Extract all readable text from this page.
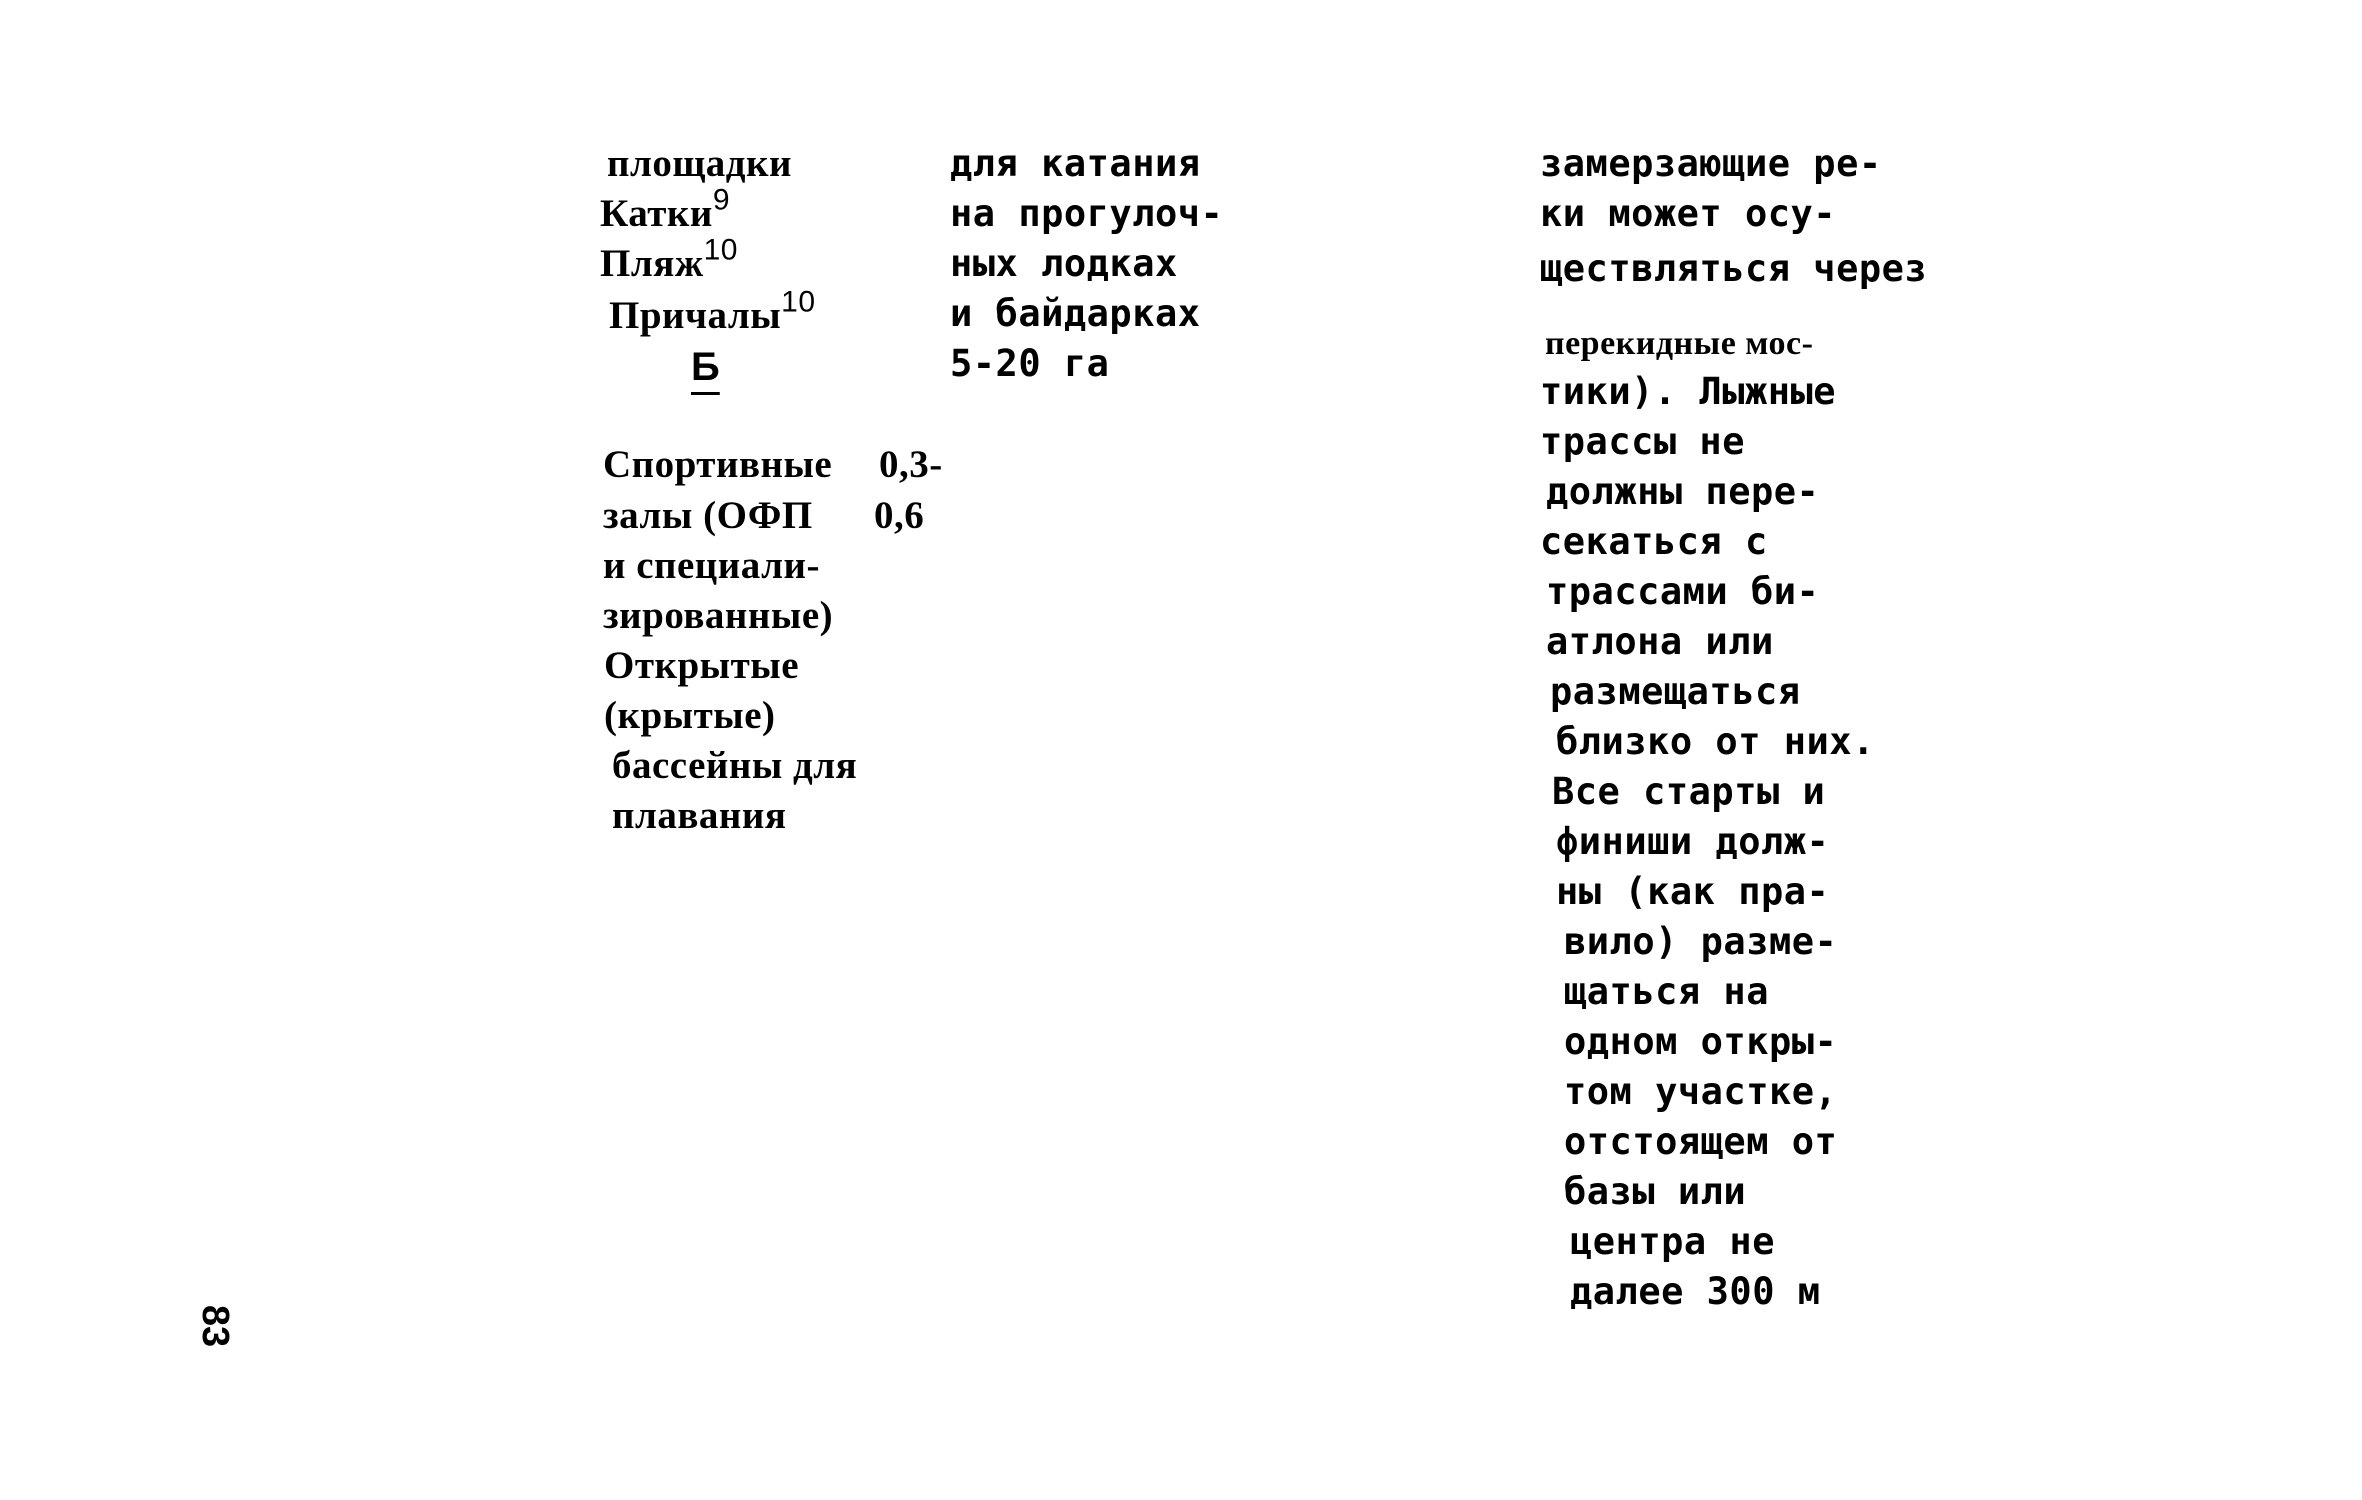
площадки
Катки$^9$
Пляж$^{10}$
Причалы$^{10}$
Б
Спортивные
залы (ОФП
и специали-
зированные)
Открытые
(крытые)
бассейны для
плавания
для катания
на прогулоч-
ных лодках
и байдарках
5-20 га
0,3-
0,6
замерзающие ре-
ки может осу-
ществляться через
перекидные мос-
тики). Лыжные
трассы не
должны пере-
секаться с
трассами би-
атлона или
размещаться
близко от них.
Все старты и
финиши долж-
ны (как пра-
вило) разме-
щаться на
одном откры-
том участке,
отстоящем от
базы или
центра не
далее 300 м
83
